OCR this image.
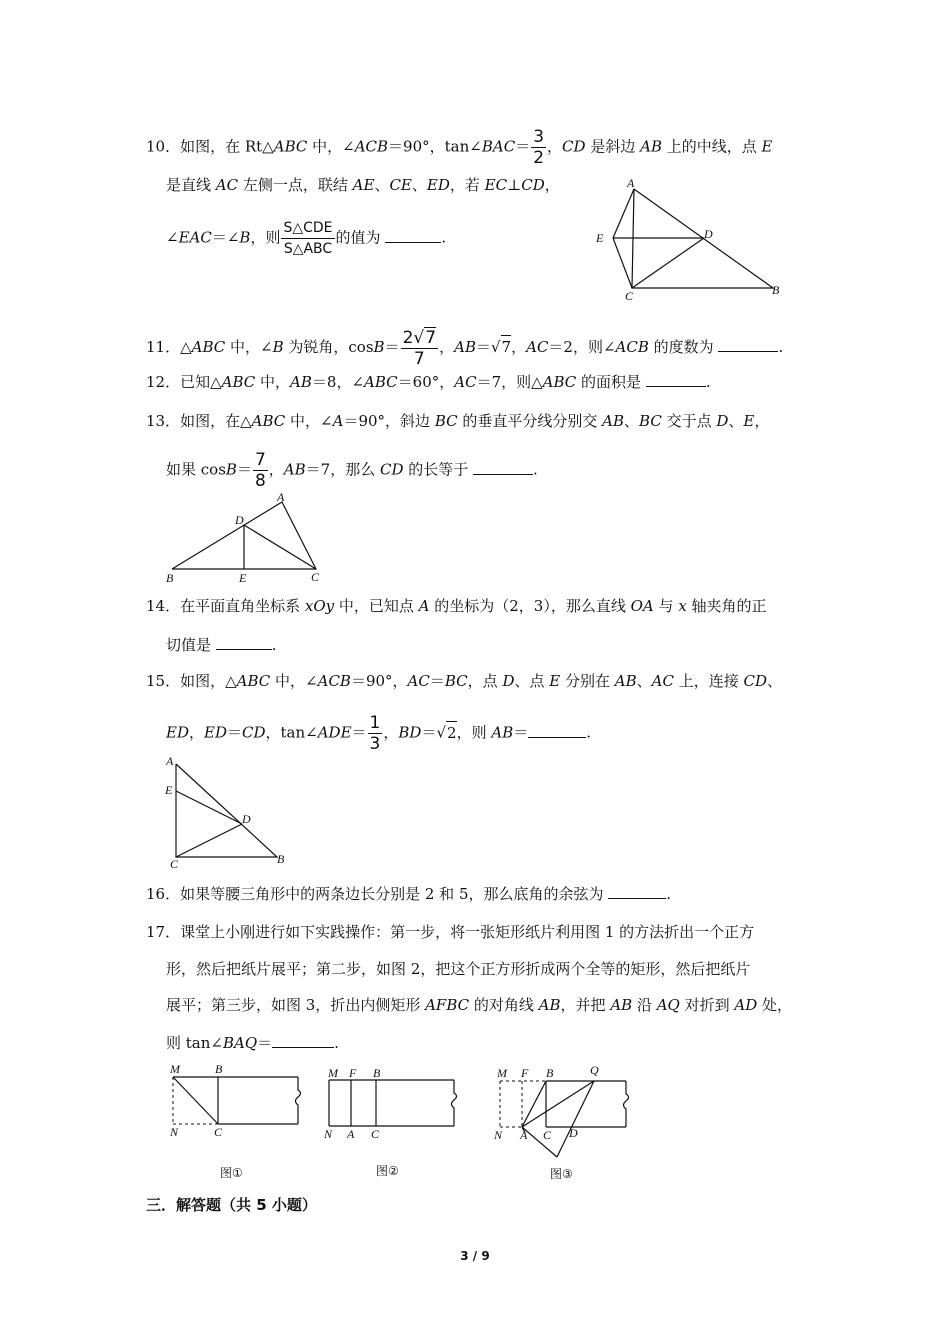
10．如图，在 Rt△ABC 中，∠ACB＝90°，tan∠BAC＝ $\frac{3}{2}$ ，CD 是斜边 AB 上的中线，点 E
是直线 AC 左侧一点，联结 AE、CE、ED，若 EC⊥CD，
∠EAC＝∠B，则 $\frac{\text{S△CDE}}{\text{S△ABC}}$ 的值为	.
A
E	D
C	B
11．△ABC 中，∠B 为锐角，$\cos B= \frac{2√7}{7}$ ，AB＝√7，AC＝2，则∠ACB 的度数为	.
12．已知△ABC 中，AB＝8，∠ABC＝60°，AC＝7，则△ABC 的面积是	.
13．如图，在△ABC 中，∠A＝90°，斜边 BC 的垂直平分线分别交 AB、BC 交于点 D、E，
如果 $\cos B= \frac{7}{8}$ ，AB＝7，那么 CD 的长等于	.
A
D
B	E	C
14．在平面直角坐标系 xOy 中，已知点 A 的坐标为（2，3），那么直线 OA 与 x 轴夹角的正
切值是	.
15．如图，△ABC 中，∠ACB＝90°，AC＝BC，点 D、点 E 分别在 AB、AC 上，连接 CD、
ED，ED＝CD，tan∠ADE＝ $\frac{1}{3}$ ，BD＝√2，则 AB＝	.
A
E
D
C	B
16．如果等腰三角形中的两条边长分别是 2 和 5，那么底角的余弦为	.
17．课堂上小刚进行如下实践操作：第一步，将一张矩形纸片利用图 1 的方法折出一个正方
形，然后把纸片展平；第二步，如图 2，把这个正方形折成两个全等的矩形，然后把纸片
展平；第三步，如图 3，折出内侧矩形 AFBC 的对角线 AB，并把 AB 沿 AQ 对折到 AD 处，
则 tan∠BAQ＝	.
M	B
N	C
图①
M F B
N A C
图②
M F B	Q
N A C D
图③
三．解答题（共 5 小题）
3 / 9
